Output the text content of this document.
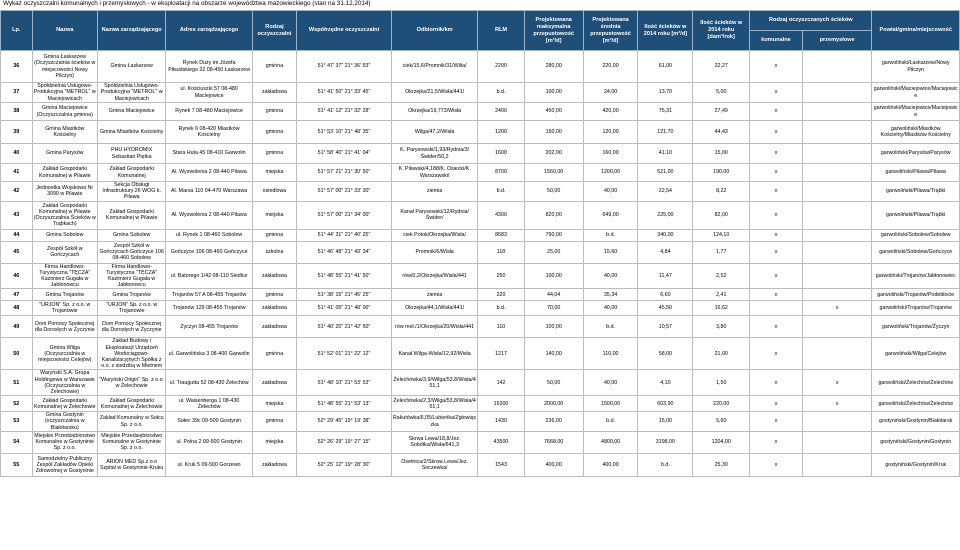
Wykaz oczyszczalni komunalnych i przemysłowych - w eksploatacji na obszarze województwa mazowieckiego (stan na 31.12.2014)
Lp.	Nazwa	Nazwa zarządzającego	Adres zarządzającego	Rodzaj oczyszczalni	Współrzędne oczyszczalni	Odbiornik/km	RLM	Projektowana maksymalna przepustowość [m³/d]	Projektowana średnia przepustowość [m³/d]	Ilość ścieków w 2014 roku [m³/d]	Ilość ścieków w 2014 roku [dam³/rok]	Rodzaj oczyszczanych ścieków		Powiat/gmina/miejscowość
												komunalne	przemysłowe	
36	Gmina Łaskarzew (Oczyszczalnia ścieków w miejscowości Nowy Pilczyn)	Gmina Łaskarzew	Rynek Duży im.Józefa Piłsudskiego 32 08-450 Łaskarzew	gminna	51° 47' 37" 21° 36' 53"	ciek/15,6/Promnik/31/Wilia/	2200	280,00	220,00	61,00	22,27	x		garwoliński/Łaskarzew/Nowy Pilczyn
37	Spółdzielnia Usługowo-Produkcyjna "METROL" w Maciejowicach	Spółdzielnia Usługowo-Produkcyjna "METROL" w Maciejowicach	ul. Kościuszki 57 08-480 Maciejowice	zakładowa	51° 41' 50" 21° 33' 45"	Okrzejka/21,5/Wisła/441/	b.d.	100,00	24,00	13,70	5,00	x		garwoliński/Maciejowice/Maciejowice
38	Gmina Maciejowice (Oczyszczalnia gminna)	Gmina Maciejowice	Rynek 7 08-480 Maciejowice	gminna	51° 41' 12" 21° 32' 28"	Okrzejka/19,773/Wisła	2400	450,00	420,00	75,31	27,49	x		garwoliński/Maciejowice/Maciejowice
39	Gmina Miastków Kościelny	Gmina Miastków Kościelny	Rynek 6 08-420 Miastków Kościelny	gminna	51° 53' 10" 21° 48' 35"	Wilga/47,2/Wisła	1200	150,00	120,00	121,70	44,43	x		garwoliński/Miastków Kościelny/Miastków Kościelny
40	Gmina Parysów	PHU HYDROMIX Sebastian Piętka	Stara Huta 45 08-410 Garwolin	gminna	51° 58' 40" 21° 41' 04"	K. Parysowski/1,93/Rydnia/3/Świder/50,2	1600	202,00	160,00	41,10	15,00	x		garwoliński/Parysów/Parysów
41	Zakład Gospodarki Komunalnej w Pilawie	Zakład Gospodarki Komunalnej	Al. Wyzwolenia 2 08-440 Pilawa	miejska	51° 57' 21" 21° 30' 50"	K. Pilawski/4,188/K. Osiecki/K. Warszawski/	8700	1560,00	1200,00	521,00	190,00	x		garwoliński/Pilawa/Pilawa
42	Jednostka Wojskowa Nr 3090 w Pilawie	Sekcja Obsługi Infrastruktury 26 WOG k. Pilawa	Al. Marsa 110 04-470 Warszawa	osiedlowa	51° 57' 00" 21° 33' 30"	ziemia	b.d.	50,00	40,00	22,54	8,22	x		garwoliński/Pilawa/Trąbki
43	Zakład Gospodarki Komunalnej w Pilawie (Oczyszczalnia Ścieków w Trąbkach)	Zakład Gospodarki Komunalnej w Pilawie	Al. Wyzwolenia 2 08-440 Pilawa	miejska	51° 57' 00" 21° 34' 00"	Kanał Parysewski/12/Rydnia/Świder/	4300	820,00	649,00	225,00	82,00	x		garwoliński/Pilawa/Trąbki
44	Gmina Sobolew	Gmina Sobolew	ul. Rynek 1 08-460 Sobolew	gminna	51° 44' 31" 21° 40' 25"	ciek Potok/Okrzejka/Wisła/	8683	790,00	b.d.	340,00	124,10	x		garwoliński/Sobolew/Sobolew
45	Zespół Szkół w Gończycach	Zespół Szkół w Gończycach Gończyce 106 08-460 Sobolew	Gończyce 106 08-460 Gończyce	szkolna	51° 46' 48" 21° 43' 34"	Promnik/6/Wisła	118	25,00	15,60	4,84	1,77	x		garwoliński/Sobolew/Gończyce
46	Firma Handlowo-Turystyczna "TĘCZA" Kazimierz Gugała w Jabłonowcu	Firma Handlowo-Turystyczna "TĘCZA" Kazimierz Gugała w Jabłonowcu	ul. Batorego 1/42 08-110 Siedlce	zakładowa	51° 48' 55" 21° 41' 50"	rów/0,2/Okrzejka/Wisła/441	250	100,00	40,00	11,47	2,52	x		garwoliński/Trojanów/Jabłonowiec
47	Gmina Trojanów	Gmina Trojanów	Trojanów 57 A 08-455 Trojanów	gminna	51° 38' 15" 21° 45' 25"	ziemia	220	44,04	35,34	6,60	2,41	x		garwoliński/Trojanów/Podebłocie
48	"URJON" Sp. z o.o. w Trojanowie	"URJON" Sp. z o.o. w Trojanowie	Trojanów 129 08-455 Trojanów	zakładowa	51° 41' 05" 21° 48' 00"	Okrzejka/44,1/Wisła/441/	b.d.	70,00	40,00	45,50	16,62		x	garwoliński/Trojanów/Trojanów
49	Dom Pomocy Społecznej dla Dorosłych w Życzynie	Dom Pomocy Społecznej dla Dorosłych w Życzynie	Życzyn 08-455 Trojanów	zakładowa	51° 40' 20" 21° 42' 50"	rów mel./1/Okrzejka/20/Wisła/441	110	100,00	b.d.	10,57	3,80	x		garwoliński/Trojanów/Życzyn
50	Gmina Wilga (Oczyszczalnia w miejscowości Celejów)	Zakład Budowy i Eksploatacji Urządzeń Wodociągowo-Kanalizacyjnych Spółka z o.o. z siedzibą w Mietnem	ul. Garwolińska 3 08-400 Garwolin	gminna	51° 52' 01" 21° 22' 12"	Kanał Wilga-Wisła/12,92/Wisła	1217	140,00	110,00	58,00	21,00	x		garwoliński/Wilga/Celejów
51	Waryński S.A. Grupa Holdingowa w Warszawie (Oczyszczalnia w Żelechowie)	"Waryński Origin" Sp. z o.o. w Żelechowie	ul. Traugutta 52 08-430 Żelechów	zakładowa	51° 48' 10" 21° 53' 53"	Żelechówka/3,9/Wilga/53,8/Wisła/451,1	142	50,00	40,00	4,10	1,50	x	x	garwoliński/Żelechów/Żelechów
52	Zakład Gospodarki Komunalnej w Żelechowie	Zakład Gospodarki Komunalnej w Żelechowie	ul. Waisenberga 1 08-430 Żelechów	miejska	51° 48' 55" 21° 53' 13"	Żelechówka/2,3/Wilga/53,8/Wisła/451,1	16300	2000,00	1500,00	603,90	220,00	x	x	garwoliński/Żelechów/Żelechów
53	Gmina Gostynin (oczyszczalnia w Białotarsku)	Zakład Komunalny w Sołcu Sp. z o.o.	Sołec 39c 09-500 Gostynin	gminna	52° 29' 45" 19° 19' 38"	Rakutówka/6,05/Lubieńka/Zgłowiączka	1430	236,00	b.d.	15,00	5,60	x		gostyniński/Gostynin/Białotarsk
54	Miejskie Przedsiębiorstwo Komunalne w Gostyninie Sp. z o.o.	Miejskie Przedsiębiorstwo Komunalne w Gostyninie Sp. z o.o.	ul. Polna 2 09-500 Gostynin	miejska	52° 26' 29" 19° 27' 15"	Skrwa Lewa/18,8/Jez. Sobótka/Wisła/641,3	43500	7668,00	4800,00	3198,00	1204,00	x		gostyniński/Gostynin/Gostynin
55	Samodzielny Publiczny Zespół Zakładów Opieki Zdrowotnej w Gostyninie	ARION MED Sp.z o.o Szpital w Gostyninie-Kruku	ul. Kruk 5 09-500 Gorzewo	zakładowa	52° 25' 12" 19° 28' 30"	Osetnica/2/Skrwa Lewa/Jez. Soczewka/	1543	400,00	400,00	b.d.	25,30	x		gostyniński/Gostynin/Kruk
